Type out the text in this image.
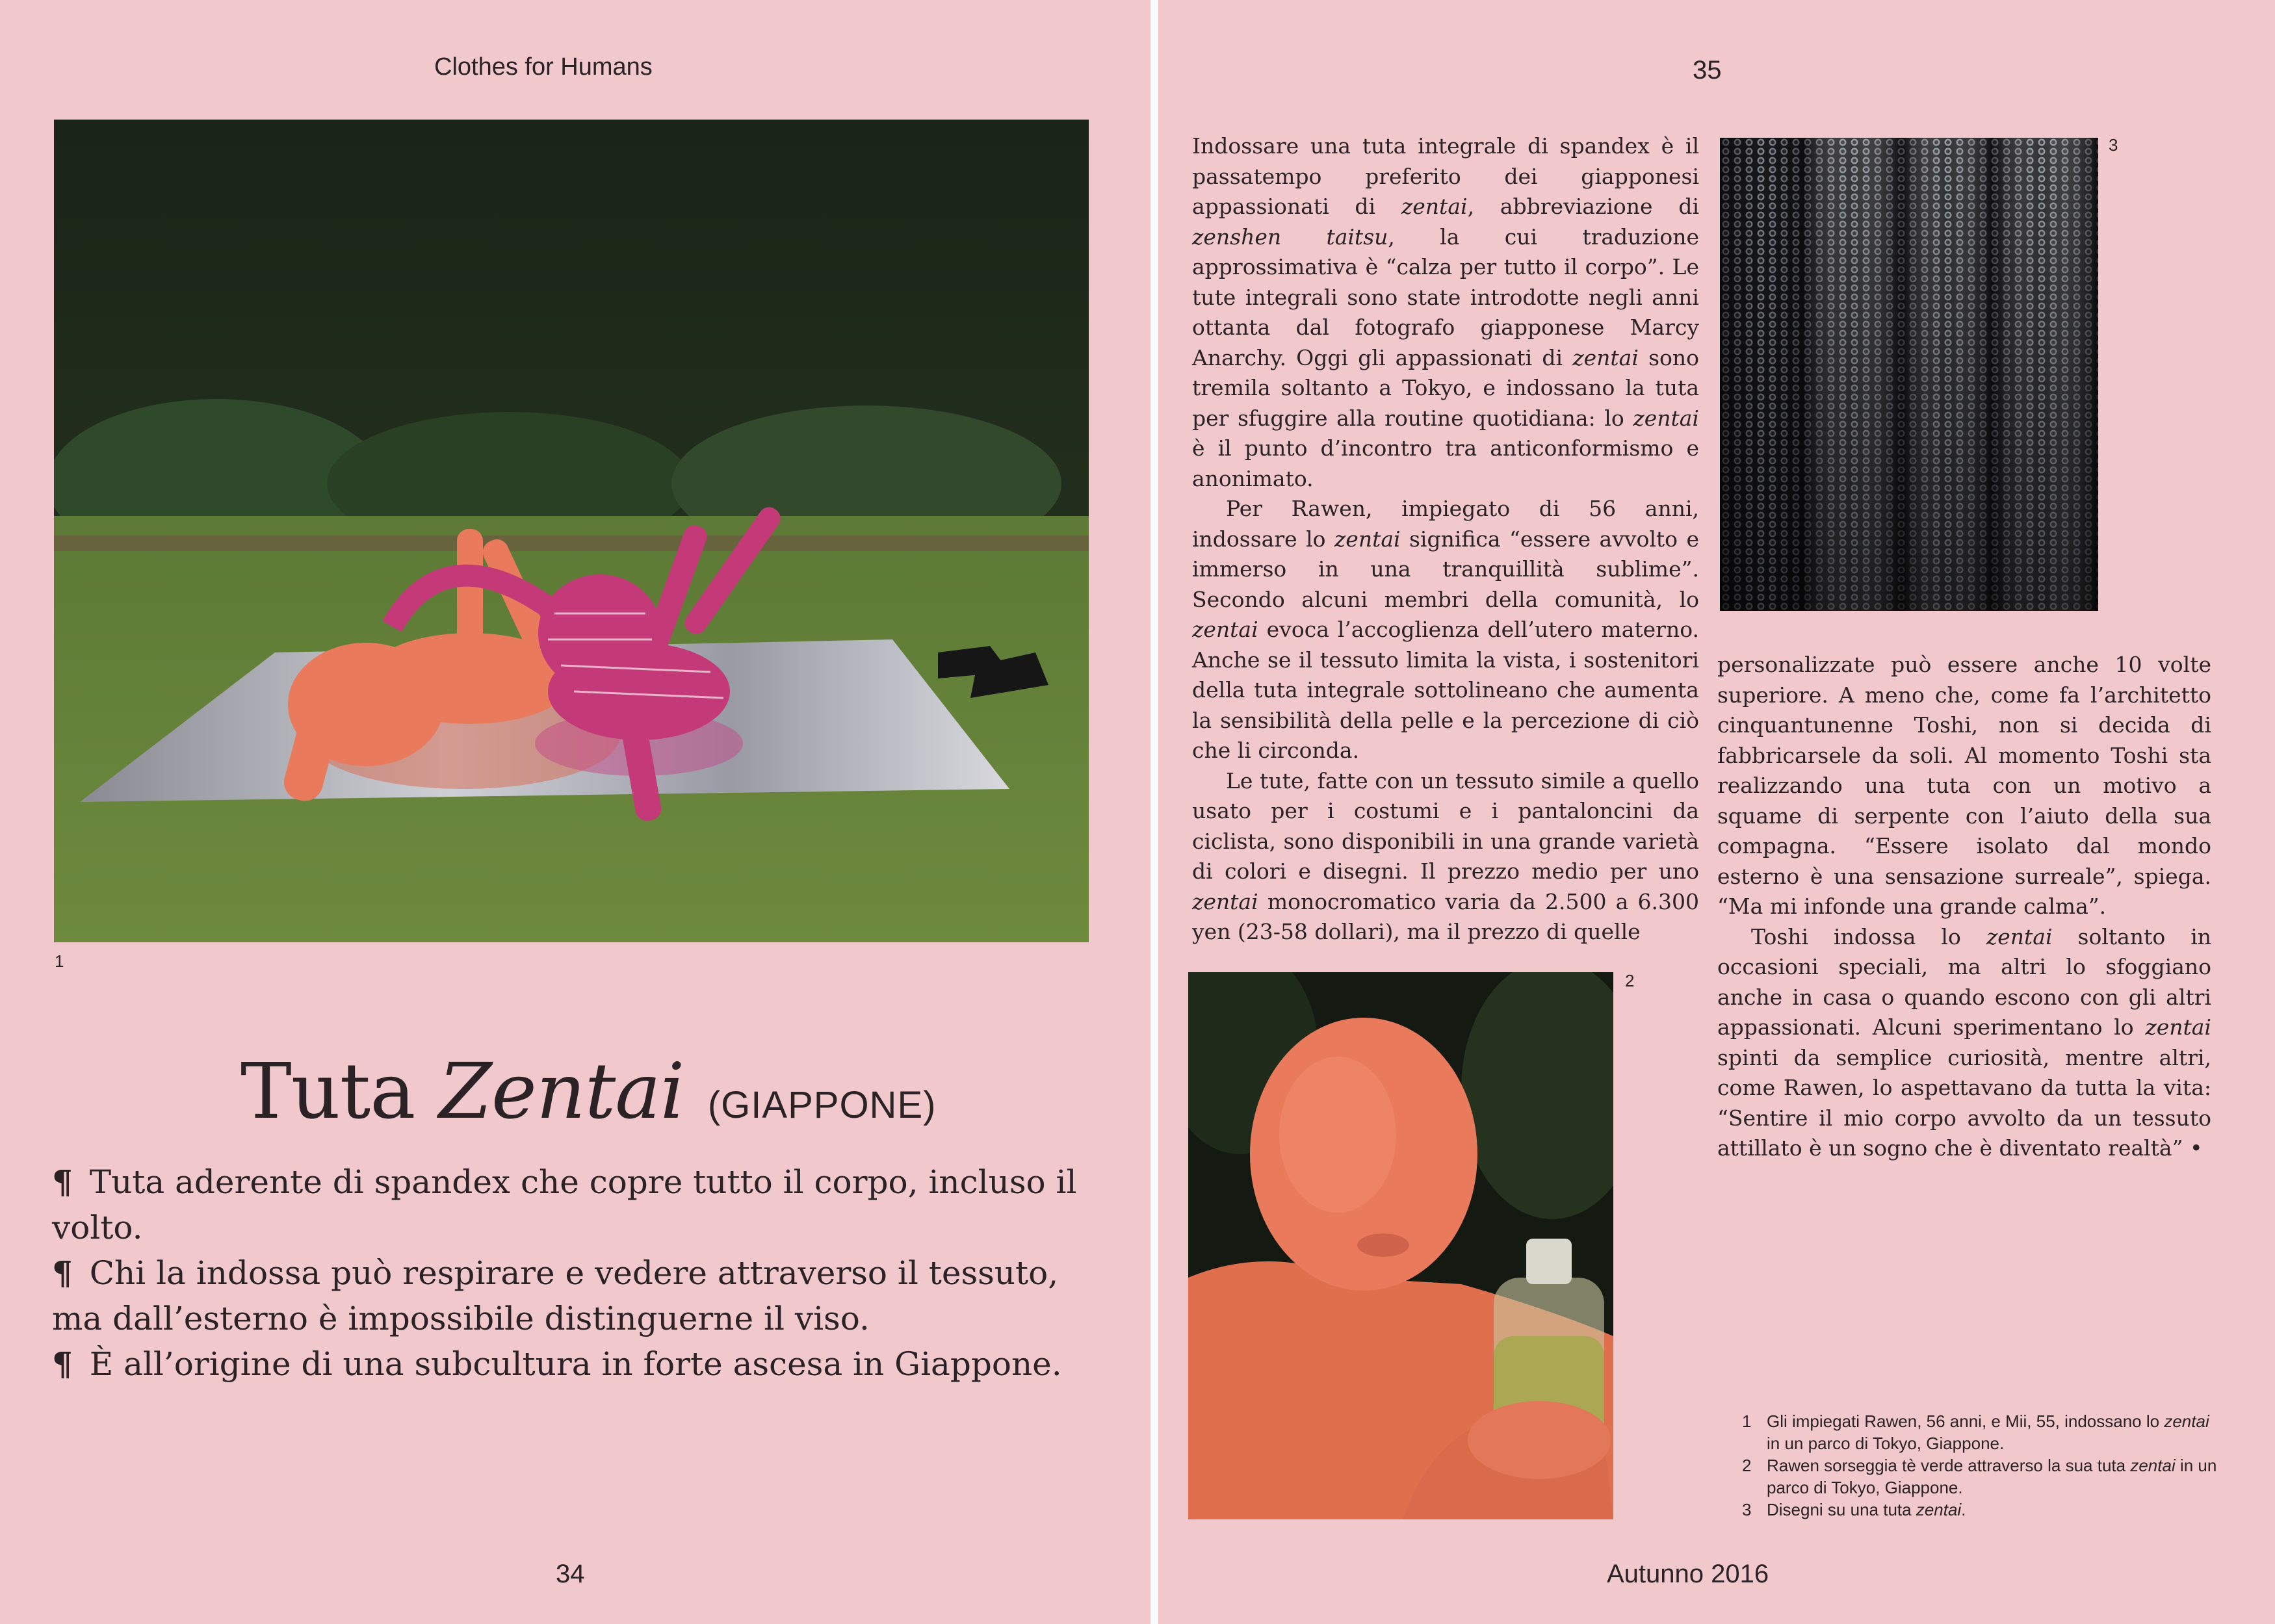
Clothes for Humans
1
Tuta Zentai (GIAPPONE)

¶ Tuta aderente di spandex che copre tutto il corpo, incluso il volto.

¶ Chi la indossa può respirare e vedere attraverso il tessuto, ma dall’esterno è impossibile distinguerne il viso.

¶ È all’origine di una subcultura in forte ascesa in Giappone.

34
35

Indossare una tuta integrale di spandex è il passatempo preferito dei giapponesi appassionati di zentai, abbreviazione di zenshen taitsu, la cui traduzione approssimativa è “calza per tutto il corpo”. Le tute integrali sono state introdotte negli anni ottanta dal fotografo giapponese Marcy Anarchy. Oggi gli appassionati di zentai sono tremila soltanto a Tokyo, e indossano la tuta per sfuggire alla routine quotidiana: lo zentai è il punto d’incontro tra anticonformismo e anonimato.

Per Rawen, impiegato di 56 anni, indossare lo zentai significa “essere avvolto e immerso in una tranquillità sublime”. Secondo alcuni membri della comunità, lo zentai evoca l’accoglienza dell’utero materno. Anche se il tessuto limita la vista, i sostenitori della tuta integrale sottolineano che aumenta la sensibilità della pelle e la percezione di ciò che li circonda.

Le tute, fatte con un tessuto simile a quello usato per i costumi e i pantaloncini da ciclista, sono disponibili in una grande varietà di colori e disegni. Il prezzo medio per uno zentai monocromatico varia da 2.500 a 6.300 yen (23-58 dollari), ma il prezzo di quelle

3

personalizzate può essere anche 10 volte superiore. A meno che, come fa l’architetto cinquantunenne Toshi, non si decida di fabbricarsele da soli. Al momento Toshi sta realizzando una tuta con un motivo a squame di serpente con l’aiuto della sua compagna. “Essere isolato dal mondo esterno è una sensazione surreale”, spiega. “Ma mi infonde una grande calma”.

Toshi indossa lo zentai soltanto in occasioni speciali, ma altri lo sfoggiano anche in casa o quando escono con gli altri appassionati. Alcuni sperimentano lo zentai spinti da semplice curiosità, mentre altri, come Rawen, lo aspettavano da tutta la vita: “Sentire il mio corpo avvolto da un tessuto attillato è un sogno che è diventato realtà” •

2
1 Gli impiegati Rawen, 56 anni, e Mii, 55, indossano lo zentai in un parco di Tokyo, Giappone.
2 Rawen sorseggia tè verde attraverso la sua tuta zentai in un parco di Tokyo, Giappone.
3 Disegni su una tuta zentai.
Autunno 2016
